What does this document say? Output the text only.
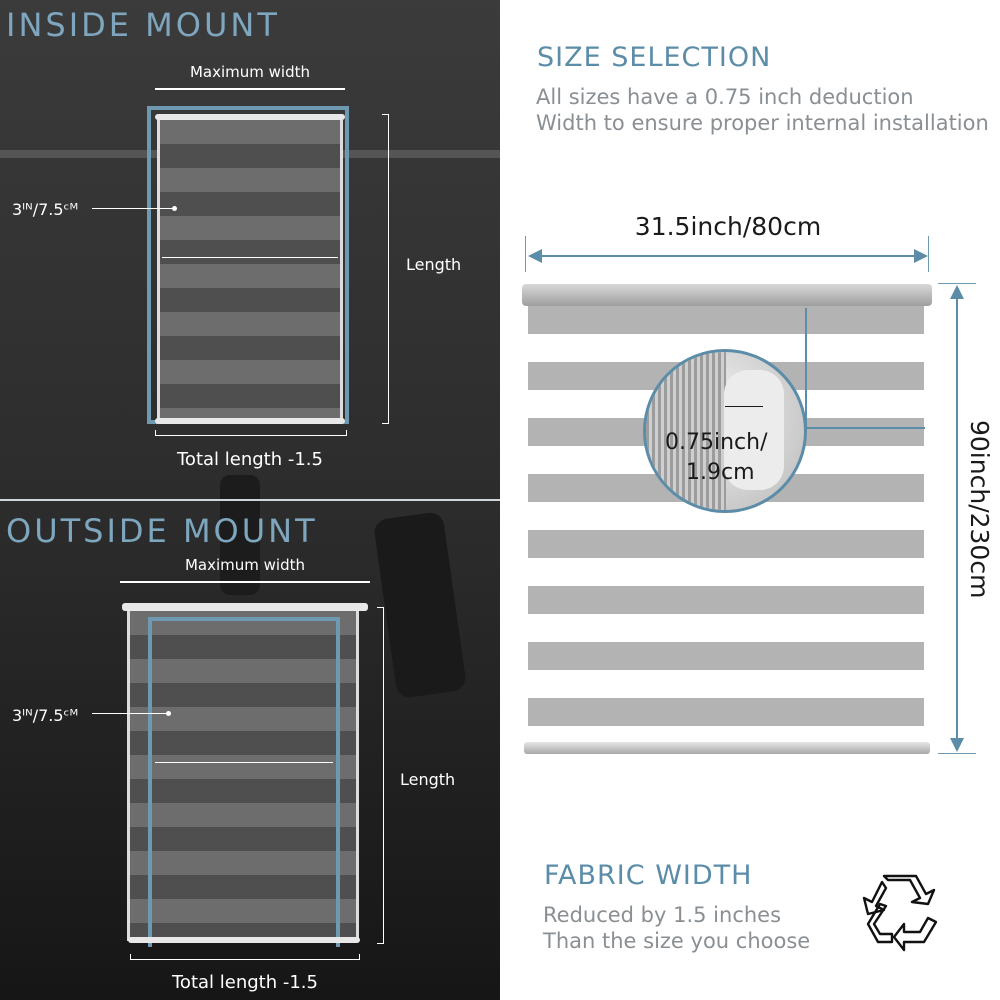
INSIDE MOUNT
Maximum width
3ᴵᴺ/7.5ᶜᴹ
Length
Total length -1.5
OUTSIDE MOUNT
Maximum width
3ᴵᴺ/7.5ᶜᴹ
Length
Total length -1.5
SIZE SELECTION
All sizes have a 0.75 inch deduction
Width to ensure proper internal installation
31.5inch/80cm
0.75inch/
1.9cm	90inch/230cm
FABRIC WIDTH
Reduced by 1.5 inches
Than the size you choose
